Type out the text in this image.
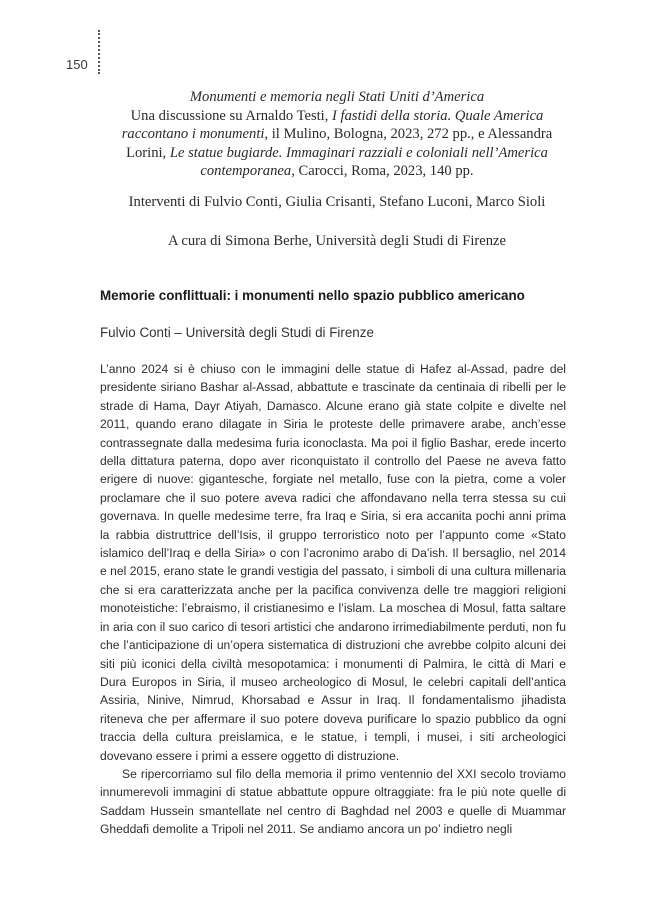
150

Monumenti e memoria negli Stati Uniti d’America

Una discussione su Arnaldo Testi, I fastidi della storia. Quale America raccontano i monumenti, il Mulino, Bologna, 2023, 272 pp., e Alessandra Lorini, Le statue bugiarde. Immaginari razziali e coloniali nell’America contemporanea, Carocci, Roma, 2023, 140 pp.

Interventi di Fulvio Conti, Giulia Crisanti, Stefano Luconi, Marco Sioli
A cura di Simona Berhe, Università degli Studi di Firenze
Memorie conflittuali: i monumenti nello spazio pubblico americano
Fulvio Conti – Università degli Studi di Firenze

L’anno 2024 si è chiuso con le immagini delle statue di Hafez al-Assad, padre del presidente siriano Bashar al-Assad, abbattute e trascinate da centinaia di ribelli per le strade di Hama, Dayr Atiyah, Damasco. Alcune erano già state colpite e divelte nel 2011, quando erano dilagate in Siria le proteste delle primavere arabe, anch’esse contrassegnate dalla medesima furia iconoclasta. Ma poi il figlio Bashar, erede incerto della dittatura paterna, dopo aver riconquistato il controllo del Paese ne aveva fatto erigere di nuove: gigantesche, forgiate nel metallo, fuse con la pietra, come a voler proclamare che il suo potere aveva radici che affondavano nella terra stessa su cui governava. In quelle medesime terre, fra Iraq e Siria, si era accanita pochi anni prima la rabbia distruttrice dell’Isis, il gruppo terroristico noto per l’appunto come «Stato islamico dell’Iraq e della Siria» o con l’acronimo arabo di Da’ish. Il bersaglio, nel 2014 e nel 2015, erano state le grandi vestigia del passato, i simboli di una cultura millenaria che si era caratterizzata anche per la pacifica convivenza delle tre maggiori religioni monoteistiche: l’ebraismo, il cristianesimo e l’islam. La moschea di Mosul, fatta saltare in aria con il suo carico di tesori artistici che andarono irrimediabilmente perduti, non fu che l’anticipazione di un’opera sistematica di distruzioni che avrebbe colpito alcuni dei siti più iconici della civiltà mesopotamica: i monumenti di Palmira, le città di Mari e Dura Europos in Siria, il museo archeologico di Mosul, le celebri capitali dell’antica Assiria, Ninive, Nimrud, Khorsabad e Assur in Iraq. Il fondamentalismo jihadista riteneva che per affermare il suo potere doveva purificare lo spazio pubblico da ogni traccia della cultura preislamica, e le statue, i templi, i musei, i siti archeologici dovevano essere i primi a essere oggetto di distruzione.

Se ripercorriamo sul filo della memoria il primo ventennio del XXI secolo troviamo innumerevoli immagini di statue abbattute oppure oltraggiate: fra le più note quelle di Saddam Hussein smantellate nel centro di Baghdad nel 2003 e quelle di Muammar Gheddafi demolite a Tripoli nel 2011. Se andiamo ancora un po’ indietro negli
